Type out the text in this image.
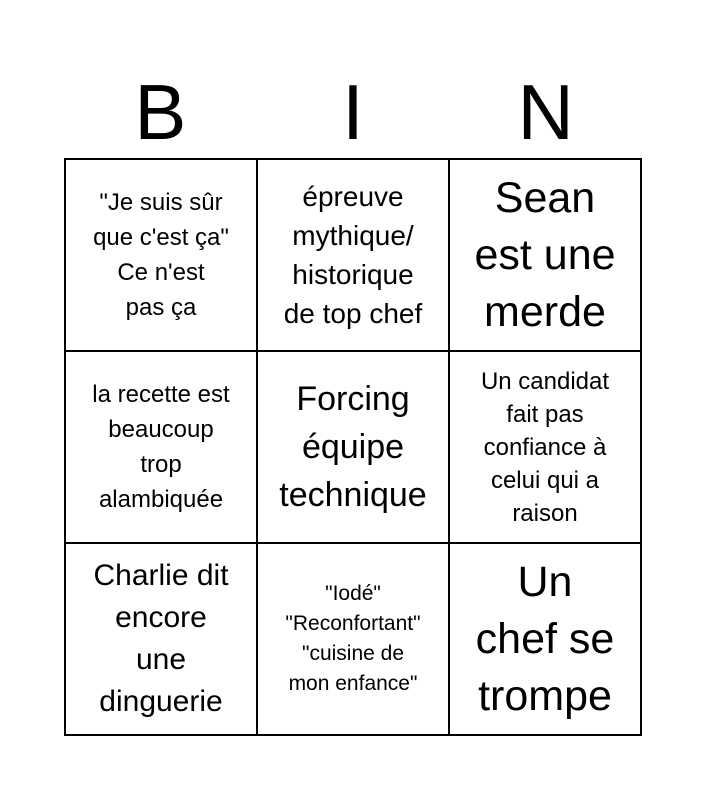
B	I	N
"Je suis sûr
que c'est ça"
Ce n'est
pas ça
épreuve
mythique/
historique
de top chef
Sean
est une
merde
la recette est
beaucoup
trop
alambiquée
Forcing
équipe
technique
Un candidat
fait pas
confiance à
celui qui a
raison
Charlie dit
encore
une
dinguerie
"Iodé"
"Reconfortant"
"cuisine de
mon enfance"
Un
chef se
trompe
